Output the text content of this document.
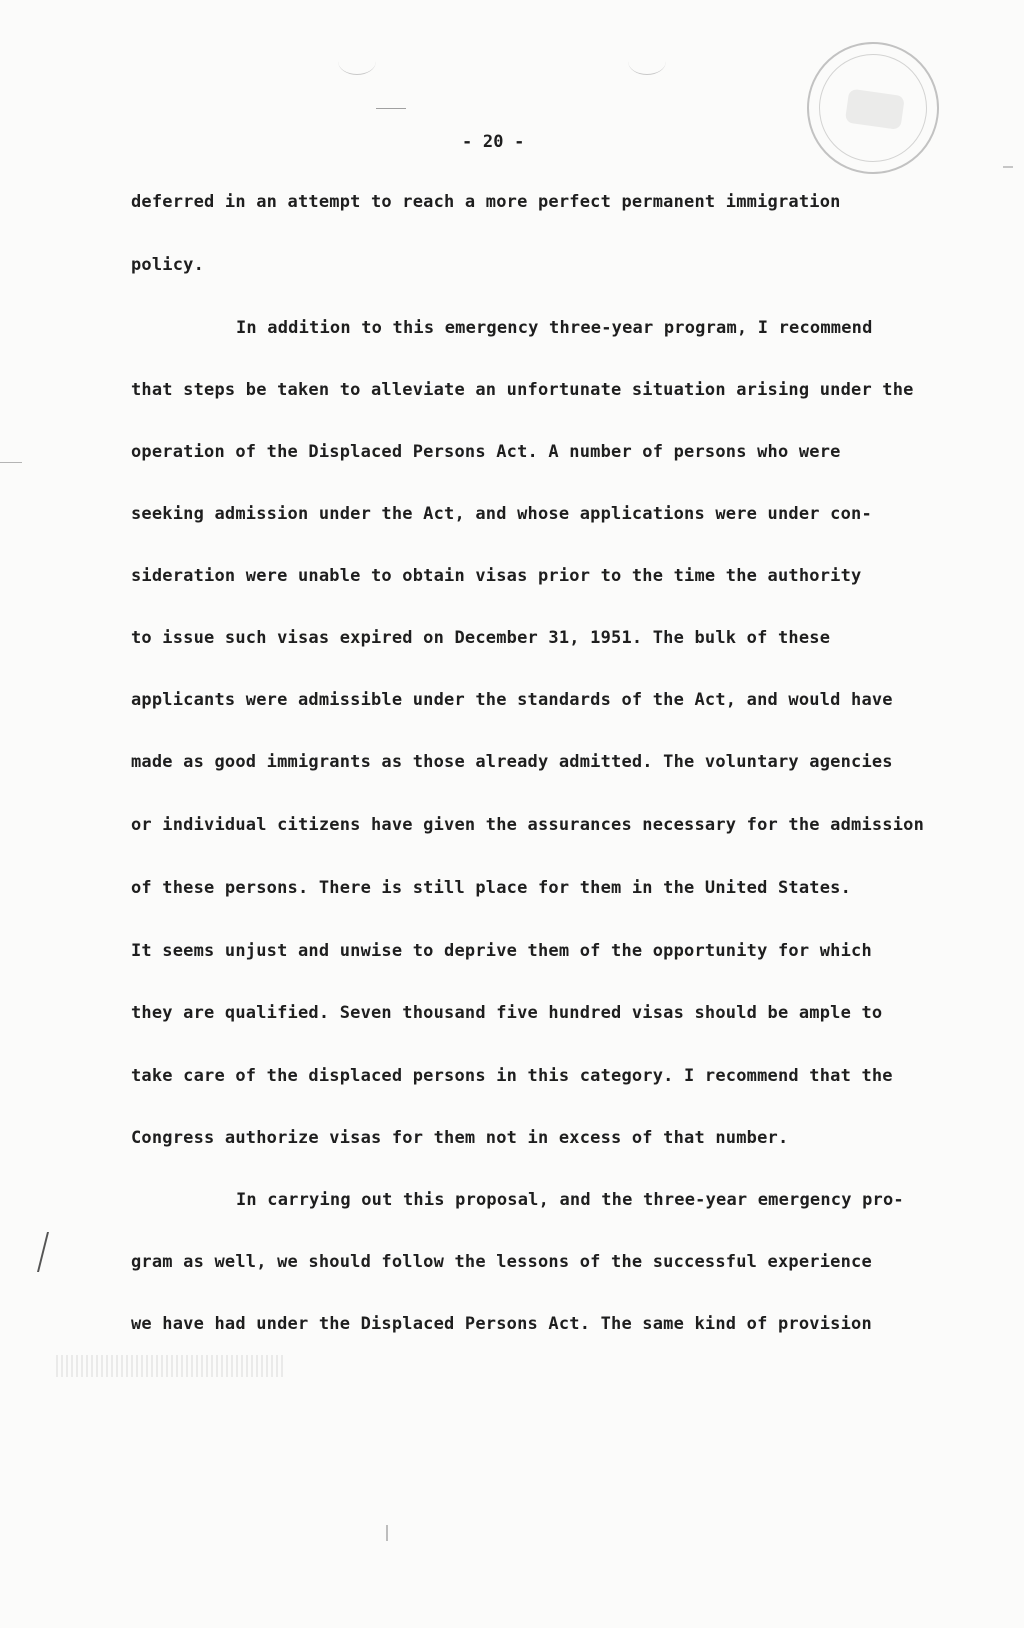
- 20 -
deferred in an attempt to reach a more perfect permanent immigration
policy.
In addition to this emergency three-year program, I recommend
that steps be taken to alleviate an unfortunate situation arising under the
operation of the Displaced Persons Act. A number of persons who were
seeking admission under the Act, and whose applications were under con-
sideration were unable to obtain visas prior to the time the authority
to issue such visas expired on December 31, 1951. The bulk of these
applicants were admissible under the standards of the Act, and would have
made as good immigrants as those already admitted. The voluntary agencies
or individual citizens have given the assurances necessary for the admission
of these persons. There is still place for them in the United States.
It seems unjust and unwise to deprive them of the opportunity for which
they are qualified. Seven thousand five hundred visas should be ample to
take care of the displaced persons in this category. I recommend that the
Congress authorize visas for them not in excess of that number.
In carrying out this proposal, and the three-year emergency pro-
gram as well, we should follow the lessons of the successful experience
we have had under the Displaced Persons Act. The same kind of provision
